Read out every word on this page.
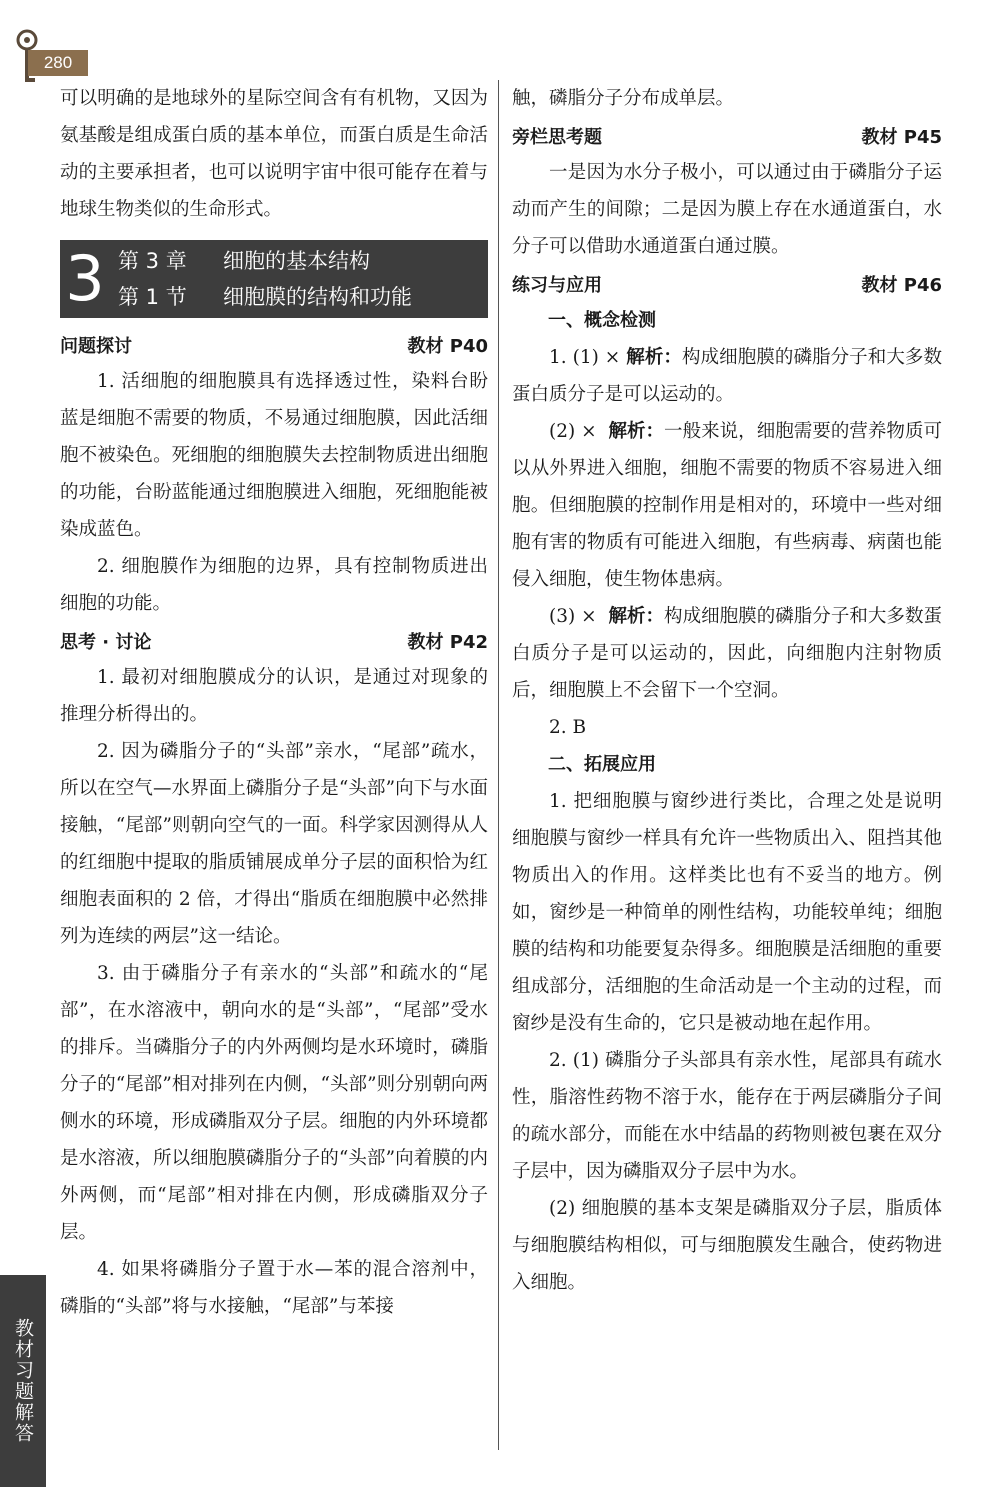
280

可以明确的是地球外的星际空间含有有机物，又因为氨基酸是组成蛋白质的基本单位，而蛋白质是生命活动的主要承担者，也可以说明宇宙中很可能存在着与地球生物类似的生命形式。

3 第 3 章	细胞的基本结构
第 1 节	细胞膜的结构和功能
问题探讨	教材 P40

1. 活细胞的细胞膜具有选择透过性，染料台盼蓝是细胞不需要的物质，不易通过细胞膜，因此活细胞不被染色。死细胞的细胞膜失去控制物质进出细胞的功能，台盼蓝能通过细胞膜进入细胞，死细胞能被染成蓝色。

2. 细胞膜作为细胞的边界，具有控制物质进出细胞的功能。

思考 · 讨论	教材 P42

1. 最初对细胞膜成分的认识，是通过对现象的推理分析得出的。

2. 因为磷脂分子的“头部”亲水，“尾部”疏水，所以在空气—水界面上磷脂分子是“头部”向下与水面接触，“尾部”则朝向空气的一面。科学家因测得从人的红细胞中提取的脂质铺展成单分子层的面积恰为红细胞表面积的 2 倍，才得出“脂质在细胞膜中必然排列为连续的两层”这一结论。

3. 由于磷脂分子有亲水的“头部”和疏水的“尾部”，在水溶液中，朝向水的是“头部”，“尾部”受水的排斥。当磷脂分子的内外两侧均是水环境时，磷脂分子的“尾部”相对排列在内侧，“头部”则分别朝向两侧水的环境，形成磷脂双分子层。细胞的内外环境都是水溶液，所以细胞膜磷脂分子的“头部”向着膜的内外两侧，而“尾部”相对排在内侧，形成磷脂双分子层。

4. 如果将磷脂分子置于水—苯的混合溶剂中，磷脂的“头部”将与水接触，“尾部”与苯接

触，磷脂分子分布成单层。

旁栏思考题	教材 P45

一是因为水分子极小，可以通过由于磷脂分子运动而产生的间隙；二是因为膜上存在水通道蛋白，水分子可以借助水通道蛋白通过膜。

练习与应用	教材 P46
一、概念检测

1. (1) × 解析：构成细胞膜的磷脂分子和大多数蛋白质分子是可以运动的。

(2) × 解析：一般来说，细胞需要的营养物质可以从外界进入细胞，细胞不需要的物质不容易进入细胞。但细胞膜的控制作用是相对的，环境中一些对细胞有害的物质有可能进入细胞，有些病毒、病菌也能侵入细胞，使生物体患病。

(3) × 解析：构成细胞膜的磷脂分子和大多数蛋白质分子是可以运动的，因此，向细胞内注射物质后，细胞膜上不会留下一个空洞。

2. B

二、拓展应用

1. 把细胞膜与窗纱进行类比，合理之处是说明细胞膜与窗纱一样具有允许一些物质出入、阻挡其他物质出入的作用。这样类比也有不妥当的地方。例如，窗纱是一种简单的刚性结构，功能较单纯；细胞膜的结构和功能要复杂得多。细胞膜是活细胞的重要组成部分，活细胞的生命活动是一个主动的过程，而窗纱是没有生命的，它只是被动地在起作用。

2. (1) 磷脂分子头部具有亲水性，尾部具有疏水性，脂溶性药物不溶于水，能存在于两层磷脂分子间的疏水部分，而能在水中结晶的药物则被包裹在双分子层中，因为磷脂双分子层中为水。

(2) 细胞膜的基本支架是磷脂双分子层，脂质体与细胞膜结构相似，可与细胞膜发生融合，使药物进入细胞。

教材习题解答
